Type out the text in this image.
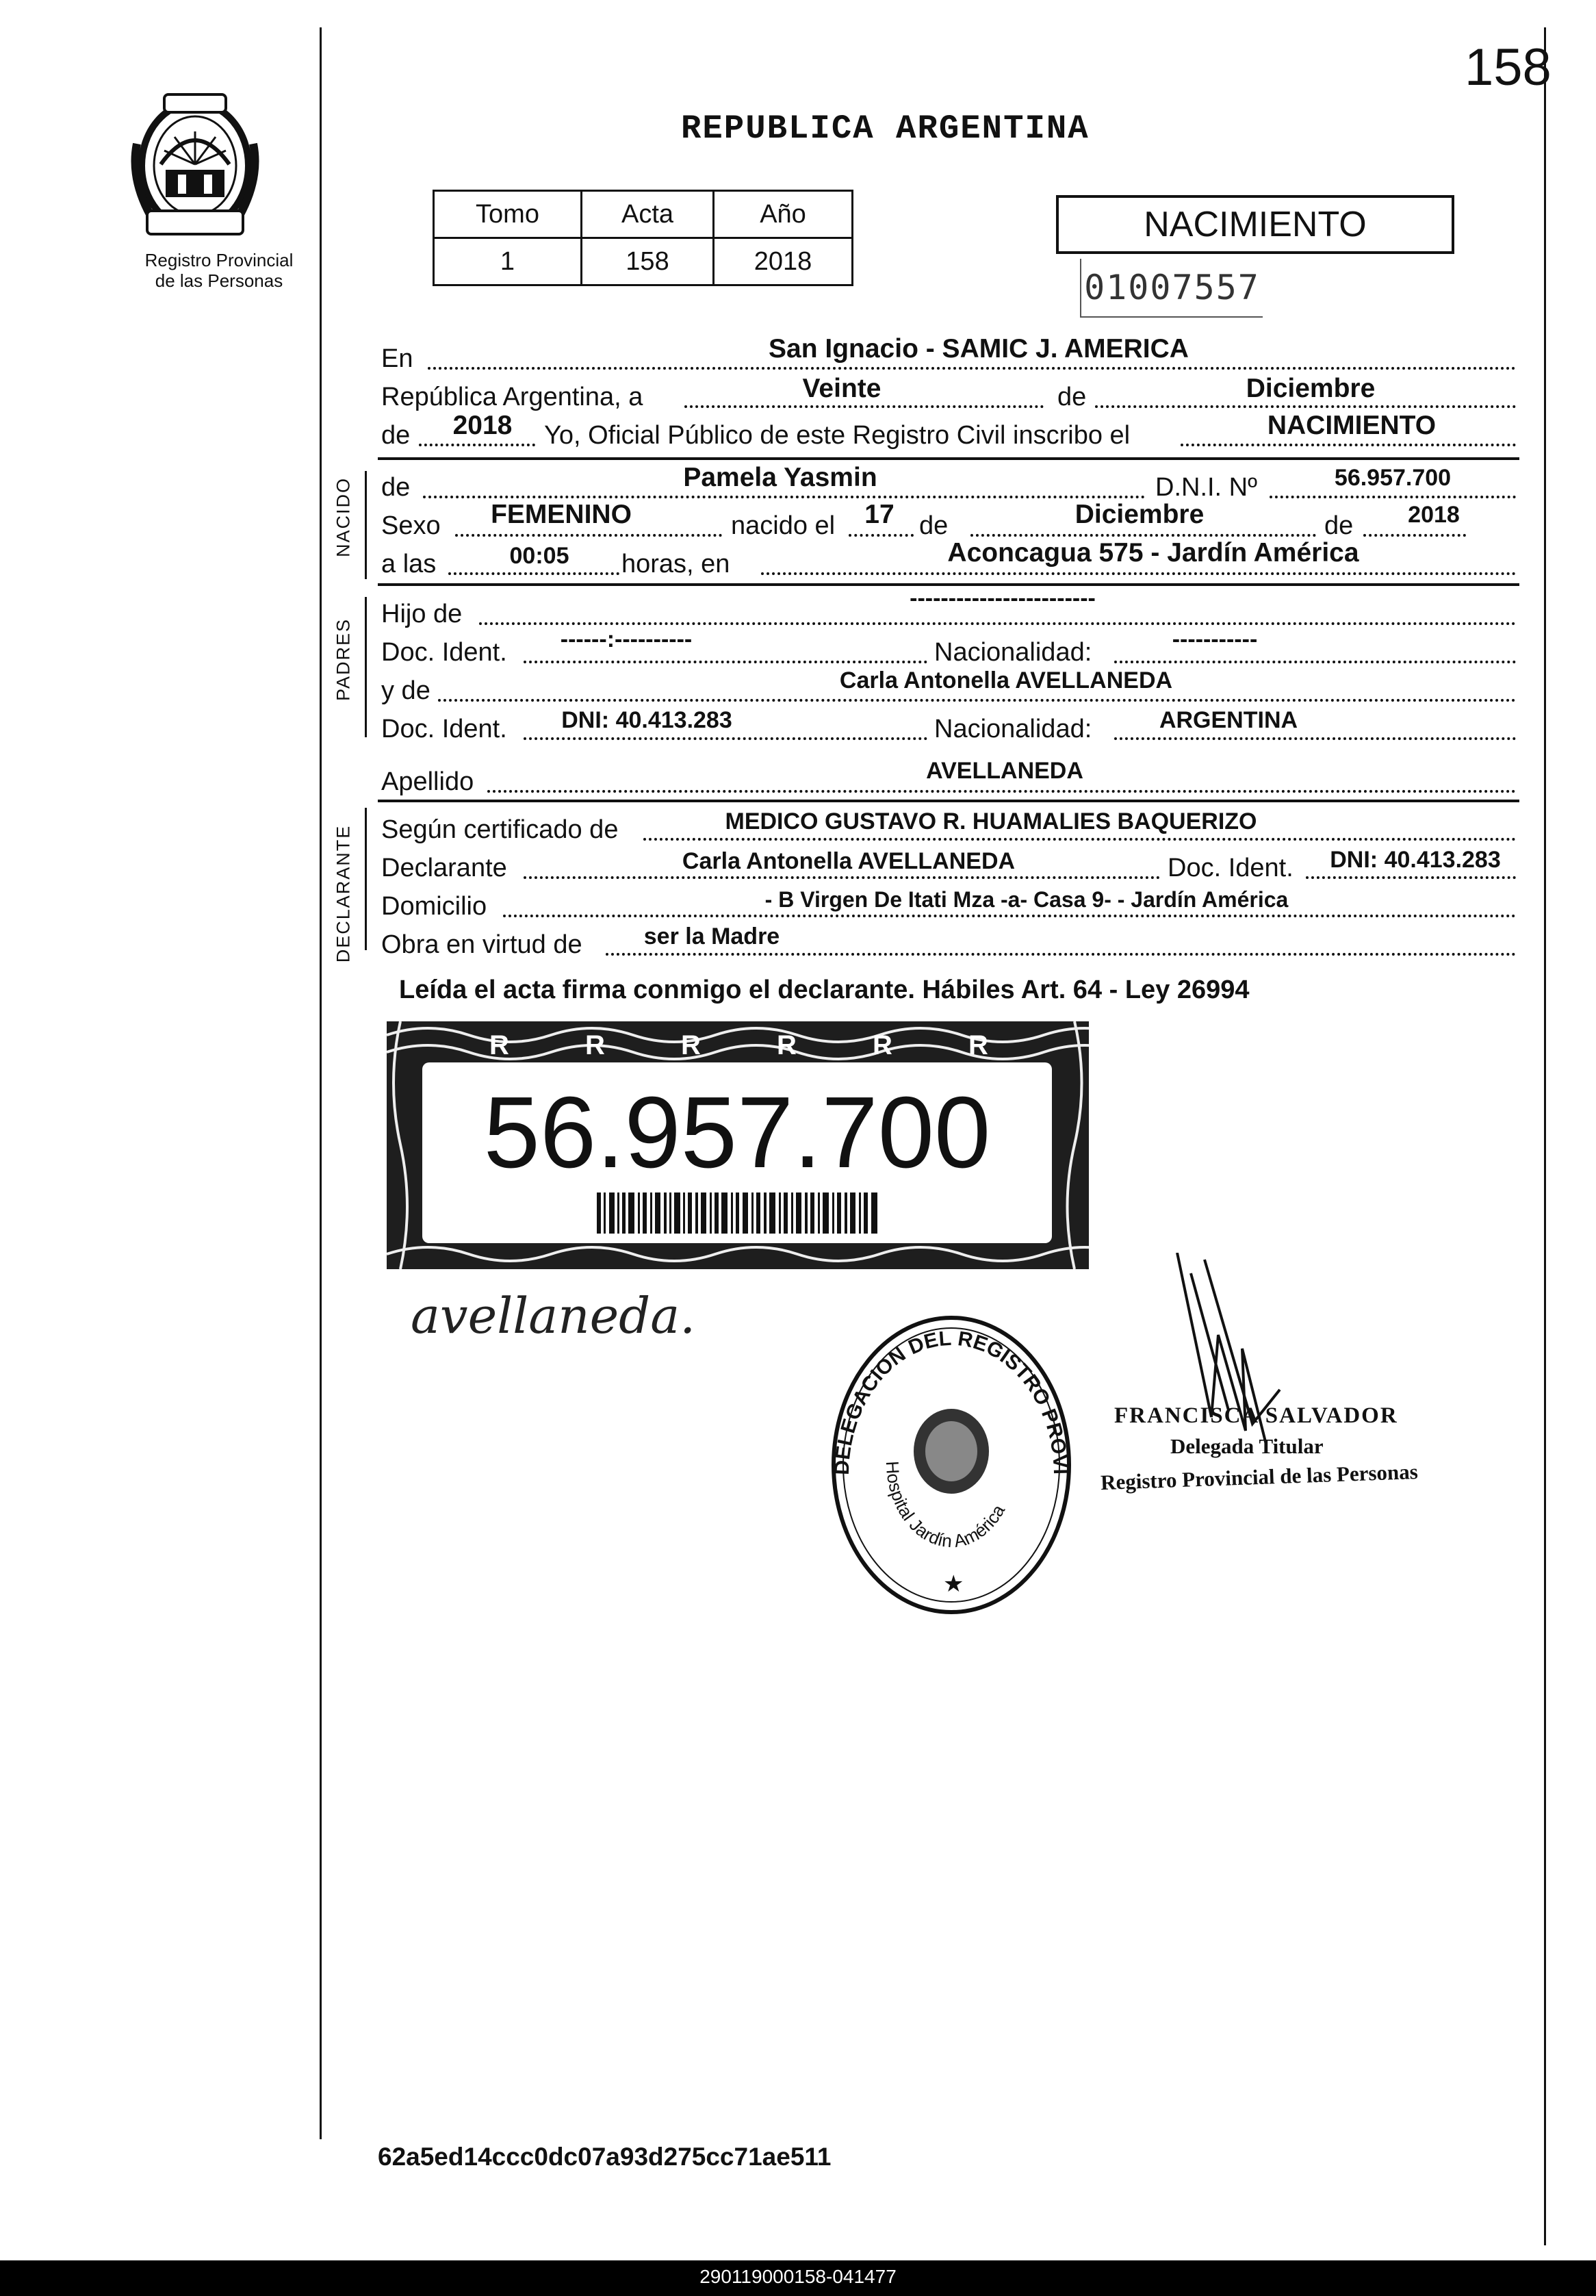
Registro Provincial
de las Personas
158
REPUBLICA ARGENTINA
Tomo	Acta	Año
1	158	2018
NACIMIENTO
01007557
En	San Ignacio - SAMIC J. AMERICA
República Argentina, a	Veinte	de	Diciembre
de 2018 Yo, Oficial Público de este Registro Civil inscribo el	NACIMIENTO
NACIDO de	Pamela Yasmin	D.N.I. Nº	56.957.700
Sexo FEMENINO	nacido el 17 de	Diciembre	de 2018
a las	00:05 horas, en	Aconcagua 575 - Jardín América
PADRES
Hijo de
------------------------
Doc. Ident. ------:----------	Nacionalidad:	-----------
y de	Carla Antonella AVELLANEDA
Doc. Ident. DNI: 40.413.283	Nacionalidad:	ARGENTINA
Apellido	AVELLANEDA
DECLARANTE Según certificado de	MEDICO GUSTAVO R. HUAMALIES BAQUERIZO
Declarante	Carla Antonella AVELLANEDA	Doc. Ident. DNI: 40.413.283
Domicilio	- B Virgen De Itati Mza -a- Casa 9- - Jardín América
Obra en virtud de	ser la Madre
Leída el acta firma conmigo el declarante. Hábiles Art. 64 - Ley 26994
R	R	R	R	R	R
56.957.700
avellaneda.
DELEGACION DEL REGISTRO PROVI
Hospital Jardín América
★
FRANCISCA SALVADOR
Delegada Titular
Registro Provincial de las Personas
62a5ed14ccc0dc07a93d275cc71ae511
290119000158-041477
